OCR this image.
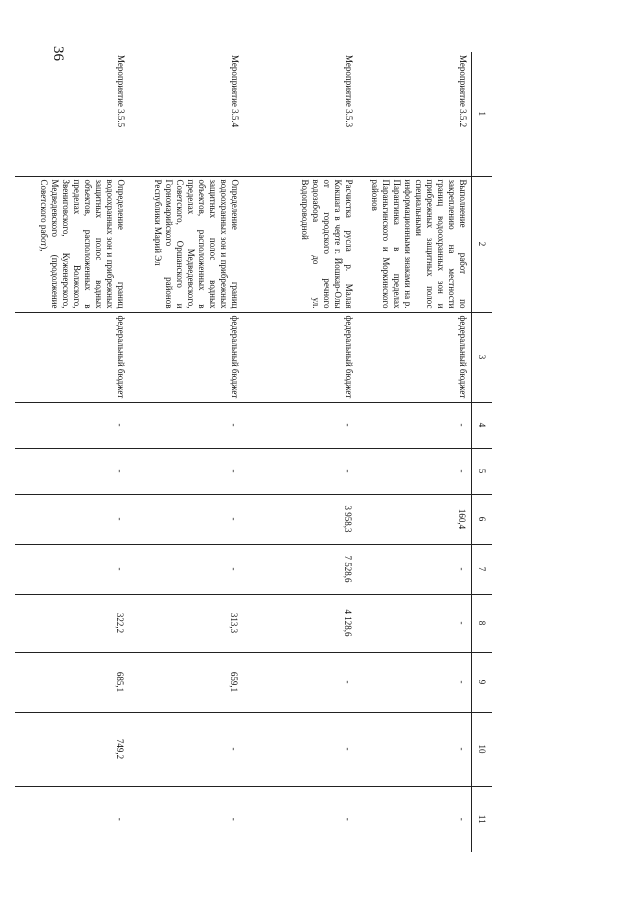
36
1	2	3	4	5	6	7	8	9	10	11
Мероприятие 3.5.2	Выполнение работ по закреплению на местности границ водоохранных зон и прибрежных защитных полос специальными информационными знаками на р. Парангинка в пределах Параньгинского и Моркинского районов	федеральный бюджет	-	-	160,4	-	-	-	-	-
Мероприятие 3.5.3	Расчистка русла р. Малая Кокшага в черте г. Йошкар-Олы от городского речного водозабора до ул. Водопроводной	федеральный бюджет	-	-	3 958,3	7 528,6	4 128,6	-	-	-
Мероприятие 3.5.4	Определение границ водоохранных зон и прибрежных защитных полос водных объектов, расположенных в пределах Медведевского, Советского, Оршанского и Горномарийского районов Республики Марий Эл	федеральный бюджет	-	-	-	-	313,3	659,1	-	-
Мероприятие 3.5.5	Определение границ водоохранных зон и прибрежных защитных полос водных объектов, расположенных в пределах Волжского, Звениговского, Куженерского, Медведевского (продолжение Советского работ),	федеральный бюджет	-	-	-	-	322,2	685,1	749,2	-
